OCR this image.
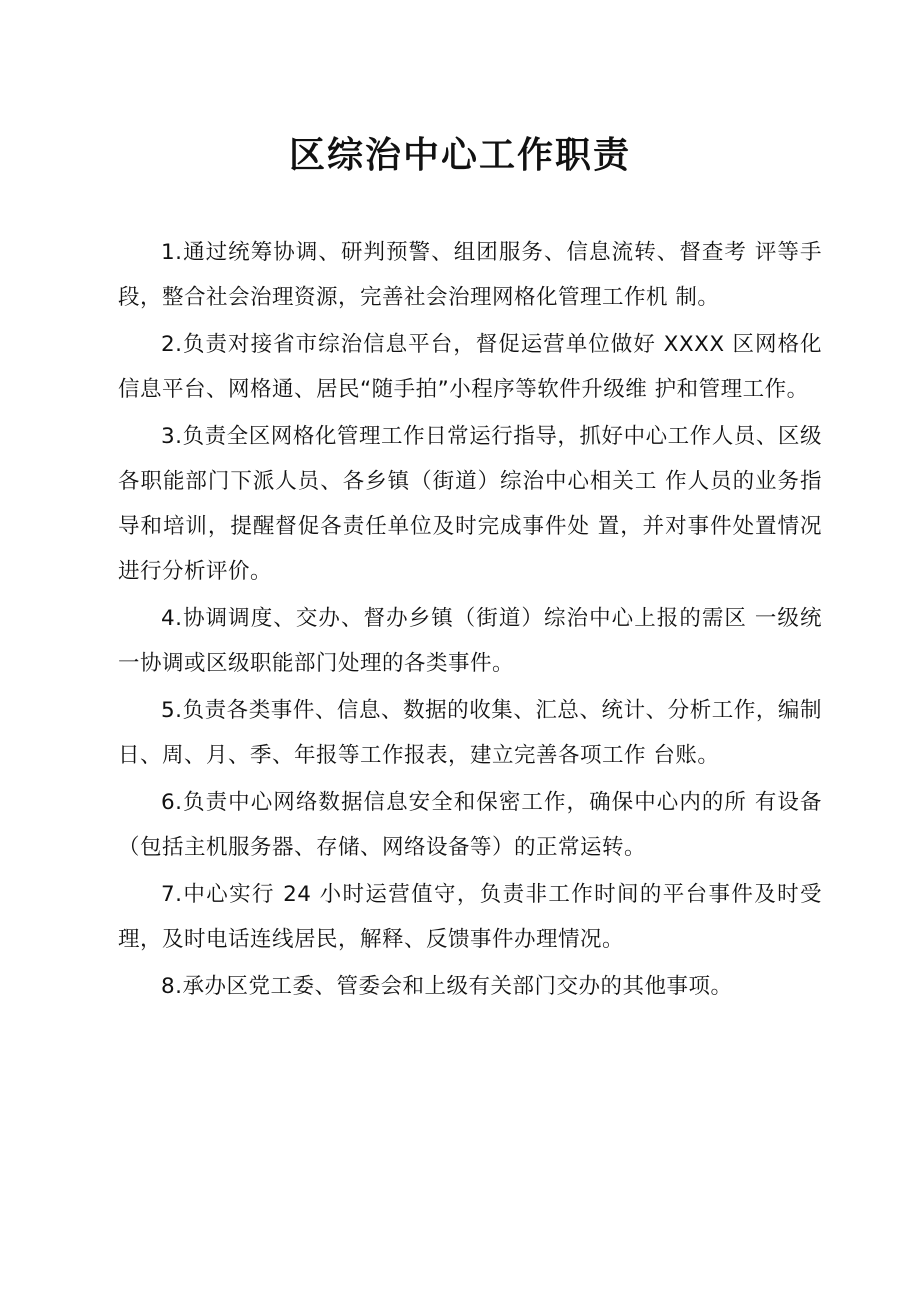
区综治中心工作职责

1.通过统筹协调、研判预警、组团服务、信息流转、督查考 评等手段，整合社会治理资源，完善社会治理网格化管理工作机 制。

2.负责对接省市综治信息平台，督促运营单位做好 XXXX 区网格化信息平台、网格通、居民“随手拍”小程序等软件升级维 护和管理工作。

3.负责全区网格化管理工作日常运行指导，抓好中心工作人员、区级各职能部门下派人员、各乡镇（街道）综治中心相关工 作人员的业务指导和培训，提醒督促各责任单位及时完成事件处 置，并对事件处置情况进行分析评价。

4.协调调度、交办、督办乡镇（街道）综治中心上报的需区 一级统一协调或区级职能部门处理的各类事件。

5.负责各类事件、信息、数据的收集、汇总、统计、分析工作，编制日、周、月、季、年报等工作报表，建立完善各项工作 台账。

6.负责中心网络数据信息安全和保密工作，确保中心内的所 有设备（包括主机服务器、存储、网络设备等）的正常运转。

7.中心实行 24 小时运营值守，负责非工作时间的平台事件及时受理，及时电话连线居民，解释、反馈事件办理情况。

8.承办区党工委、管委会和上级有关部门交办的其他事项。
